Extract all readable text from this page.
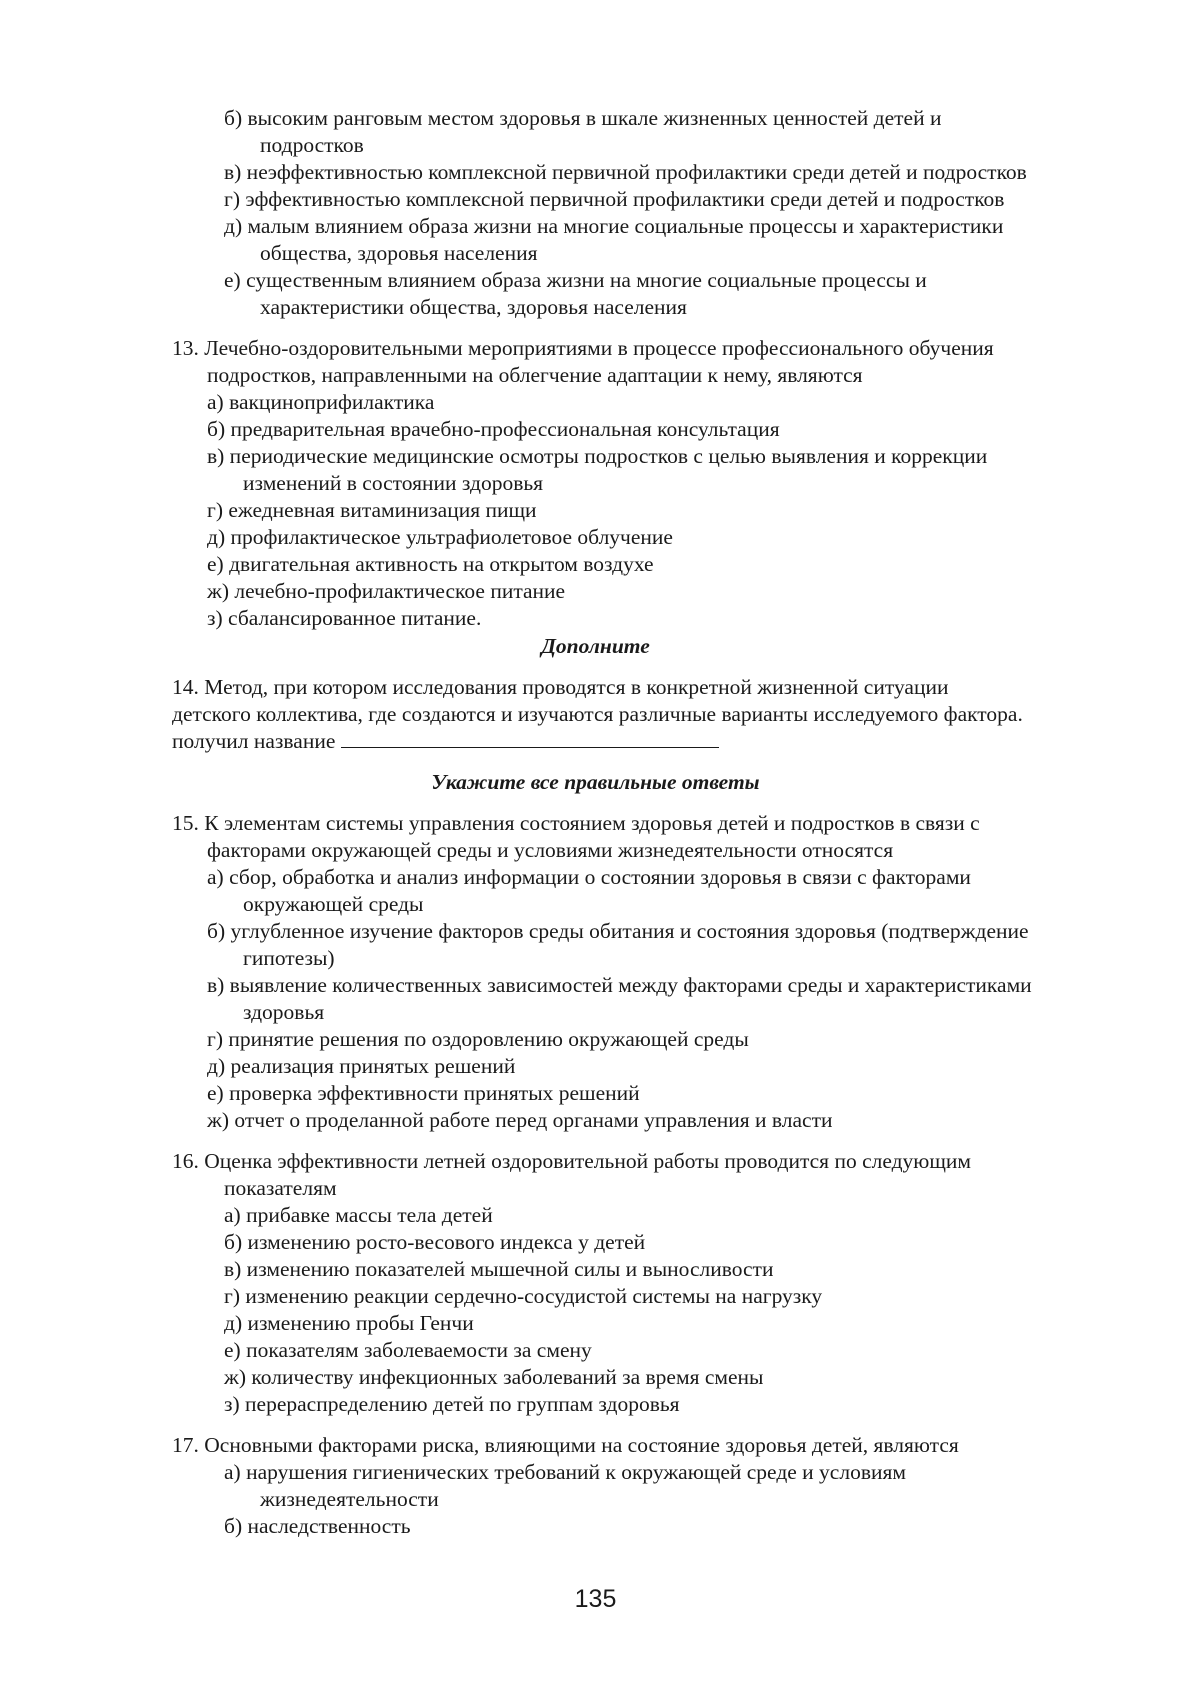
б) высоким ранговым местом здоровья в шкале жизненных ценностей детей и
подростков
в) неэффективностью комплексной первичной профилактики среди детей и подростков
г) эффективностью комплексной первичной профилактики среди детей и подростков
д) малым влиянием образа жизни на многие социальные процессы и характеристики
общества, здоровья населения
е) существенным влиянием образа жизни на многие социальные процессы и
характеристики общества, здоровья населения
13. Лечебно-оздоровительными мероприятиями в процессе профессионального обучения
подростков, направленными на облегчение адаптации к нему, являются
а) вакциноприфилактика
б) предварительная врачебно-профессиональная консультация
в) периодические медицинские осмотры подростков с целью выявления и коррекции
изменений в состоянии здоровья
г) ежедневная витаминизация пищи
д) профилактическое ультрафиолетовое облучение
е) двигательная активность на открытом воздухе
ж) лечебно-профилактическое питание
з) сбалансированное питание.
Дополните
14. Метод, при котором исследования проводятся в конкретной жизненной ситуации
детского коллектива, где создаются и изучаются различные варианты исследуемого фактора.
получил название
Укажите все правильные ответы
15. К элементам системы управления состоянием здоровья детей и подростков в связи с
факторами окружающей среды и условиями жизнедеятельности относятся
а) сбор, обработка и анализ информации о состоянии здоровья в связи с факторами
окружающей среды
б) углубленное изучение факторов среды обитания и состояния здоровья (подтверждение
гипотезы)
в) выявление количественных зависимостей между факторами среды и характеристиками
здоровья
г) принятие решения по оздоровлению окружающей среды
д) реализация принятых решений
е) проверка эффективности принятых решений
ж) отчет о проделанной работе перед органами управления и власти
16. Оценка эффективности летней оздоровительной работы проводится по следующим
показателям
а) прибавке массы тела детей
б) изменению росто-весового индекса у детей
в) изменению показателей мышечной силы и выносливости
г) изменению реакции сердечно-сосудистой системы на нагрузку
д) изменению пробы Генчи
е) показателям заболеваемости за смену
ж) количеству инфекционных заболеваний за время смены
з) перераспределению детей по группам здоровья
17. Основными факторами риска, влияющими на состояние здоровья детей, являются
а) нарушения гигиенических требований к окружающей среде и условиям
жизнедеятельности
б) наследственность
135
